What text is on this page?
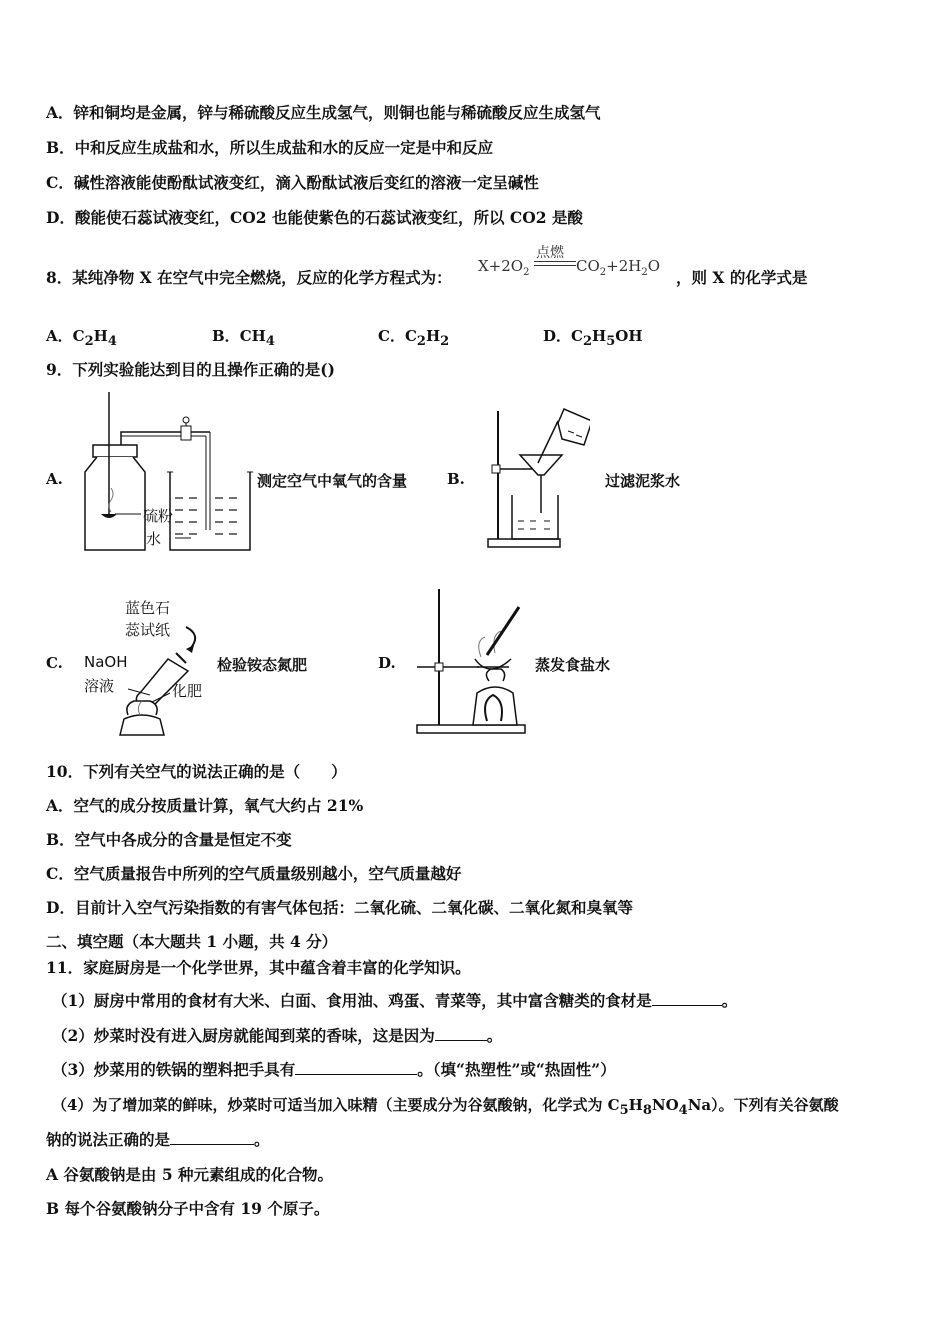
A．锌和铜均是金属，锌与稀硫酸反应生成氢气，则铜也能与稀硫酸反应生成氢气
B．中和反应生成盐和水，所以生成盐和水的反应一定是中和反应
C．碱性溶液能使酚酞试液变红，滴入酚酞试液后变红的溶液一定呈碱性
D．酸能使石蕊试液变红，CO2 也能使紫色的石蕊试液变红，所以 CO2 是酸
8．某纯净物 X 在空气中完全燃烧，反应的化学方程式为：
点燃
$X+2O_2$	$CO_2+2H_2O$
，则 X 的化学式是
A．$C_2H_4$	B．$CH_4$	C．$C_2H_2$	D．$C_2H_5OH$
9．下列实验能达到目的且操作正确的是()
A.
硫粉
水
测定空气中氧气的含量	B.	过滤泥浆水
C.
蓝色石
蕊试纸
NaOH
溶液	化肥
检验铵态氮肥	D.	蒸发食盐水
10．下列有关空气的说法正确的是（　　）
A．空气的成分按质量计算，氧气大约占 21%
B．空气中各成分的含量是恒定不变
C．空气质量报告中所列的空气质量级别越小，空气质量越好
D．目前计入空气污染指数的有害气体包括：二氧化硫、二氧化碳、二氧化氮和臭氧等
二、填空题（本大题共 1 小题，共 4 分）
11．家庭厨房是一个化学世界，其中蕴含着丰富的化学知识。
（1）厨房中常用的食材有大米、白面、食用油、鸡蛋、青菜等，其中富含糖类的食材是	。
（2）炒菜时没有进入厨房就能闻到菜的香味，这是因为	。
（3）炒菜用的铁锅的塑料把手具有	。（填“热塑性”或“热固性”）
（4）为了增加菜的鲜味，炒菜时可适当加入味精（主要成分为谷氨酸钠，化学式为 $C_5H_8NO_4Na$）。下列有关谷氨酸
钠的说法正确的是	。
A 谷氨酸钠是由 5 种元素组成的化合物。
B 每个谷氨酸钠分子中含有 19 个原子。
